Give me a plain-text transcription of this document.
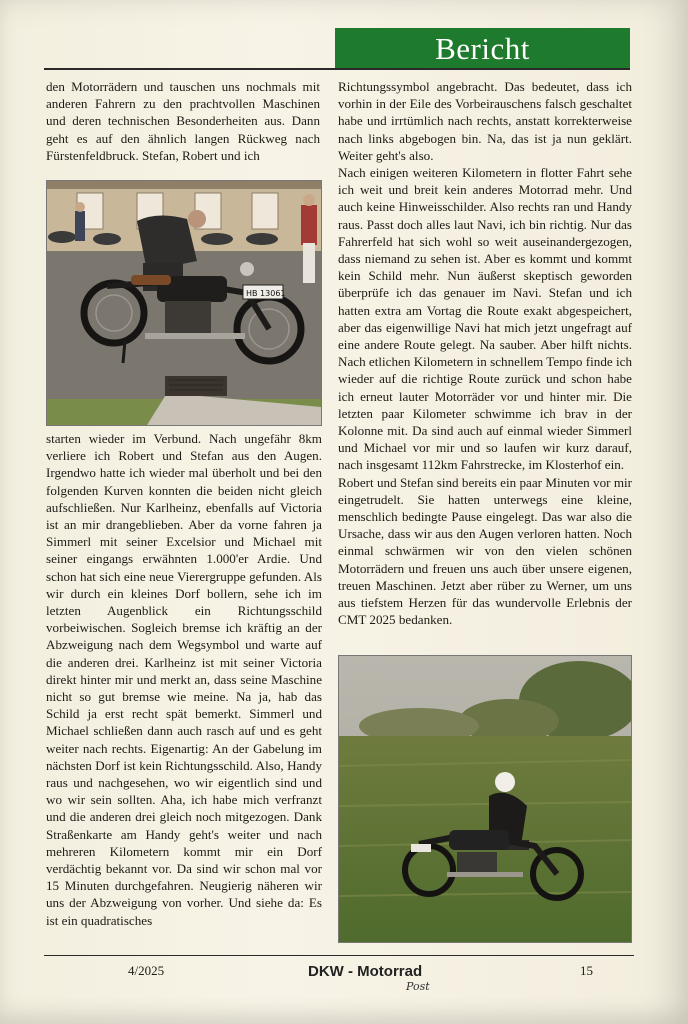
Bericht

den Motorrädern und tauschen uns nochmals mit anderen Fahrern zu den prachtvollen Maschinen und deren technischen Besonderheiten aus. Dann geht es auf den ähnlich langen Rückweg nach Fürstenfeldbruck. Stefan, Robert und ich

HB 13061

starten wieder im Verbund. Nach ungefähr 8km verliere ich Robert und Stefan aus den Augen. Irgendwo hatte ich wieder mal überholt und bei den folgenden Kurven konnten die beiden nicht gleich aufschließen. Nur Karlheinz, ebenfalls auf Victoria ist an mir drangeblieben. Aber da vorne fahren ja Simmerl mit seiner Excelsior und Michael mit seiner eingangs erwähnten 1.000'er Ardie. Und schon hat sich eine neue Vierergruppe gefunden. Als wir durch ein kleines Dorf bollern, sehe ich im letzten Augenblick ein Richtungsschild vorbeiwischen. Sogleich bremse ich kräftig an der Abzweigung nach dem Wegsymbol und warte auf die anderen drei. Karlheinz ist mit seiner Victoria direkt hinter mir und merkt an, dass seine Maschine nicht so gut bremse wie meine. Na ja, hab das Schild ja erst recht spät bemerkt. Simmerl und Michael schließen dann auch rasch auf und es geht weiter nach rechts. Eigenartig: An der Gabelung im nächsten Dorf ist kein Richtungsschild. Also, Handy raus und nachgesehen, wo wir eigentlich sind und wo wir sein sollten. Aha, ich habe mich verfranzt und die anderen drei gleich noch mitgezogen. Dank Straßenkarte am Handy geht's weiter und nach mehreren Kilometern kommt mir ein Dorf verdächtig bekannt vor. Da sind wir schon mal vor 15 Minuten durchgefahren. Neugierig näheren wir uns der Abzweigung von vorher. Und siehe da: Es ist ein quadratisches

Richtungssymbol angebracht. Das bedeutet, dass ich vorhin in der Eile des Vorbeirauschens falsch geschaltet habe und irrtümlich nach rechts, anstatt korrekterweise nach links abgebogen bin. Na, das ist ja nun geklärt. Weiter geht's also.

Nach einigen weiteren Kilometern in flotter Fahrt sehe ich weit und breit kein anderes Motorrad mehr. Und auch keine Hinweisschilder. Also rechts ran und Handy raus. Passt doch alles laut Navi, ich bin richtig. Nur das Fahrerfeld hat sich wohl so weit auseinandergezogen, dass niemand zu sehen ist. Aber es kommt und kommt kein Schild mehr. Nun äußerst skeptisch geworden überprüfe ich das genauer im Navi. Stefan und ich hatten extra am Vortag die Route exakt abgespeichert, aber das eigenwillige Navi hat mich jetzt ungefragt auf eine andere Route gelegt. Na sauber. Aber hilft nichts. Nach etlichen Kilometern in schnellem Tempo finde ich wieder auf die richtige Route zurück und schon habe ich erneut lauter Motorräder vor und hinter mir. Die letzten paar Kilometer schwimme ich brav in der Kolonne mit. Da sind auch auf einmal wieder Simmerl und Michael vor mir und so laufen wir kurz darauf, nach insgesamt 112km Fahrstrecke, im Klosterhof ein.

Robert und Stefan sind bereits ein paar Minuten vor mir eingetrudelt. Sie hatten unterwegs eine kleine, menschlich bedingte Pause eingelegt. Das war also die Ursache, dass wir aus den Augen verloren hatten. Noch einmal schwärmen wir von den vielen schönen Motorrädern und freuen uns auch über unsere eigenen, treuen Maschinen. Jetzt aber rüber zu Werner, um uns aus tiefstem Herzen für das wundervolle Erlebnis der CMT 2025 bedanken.

4/2025	DKW - Motorrad
Post
15
